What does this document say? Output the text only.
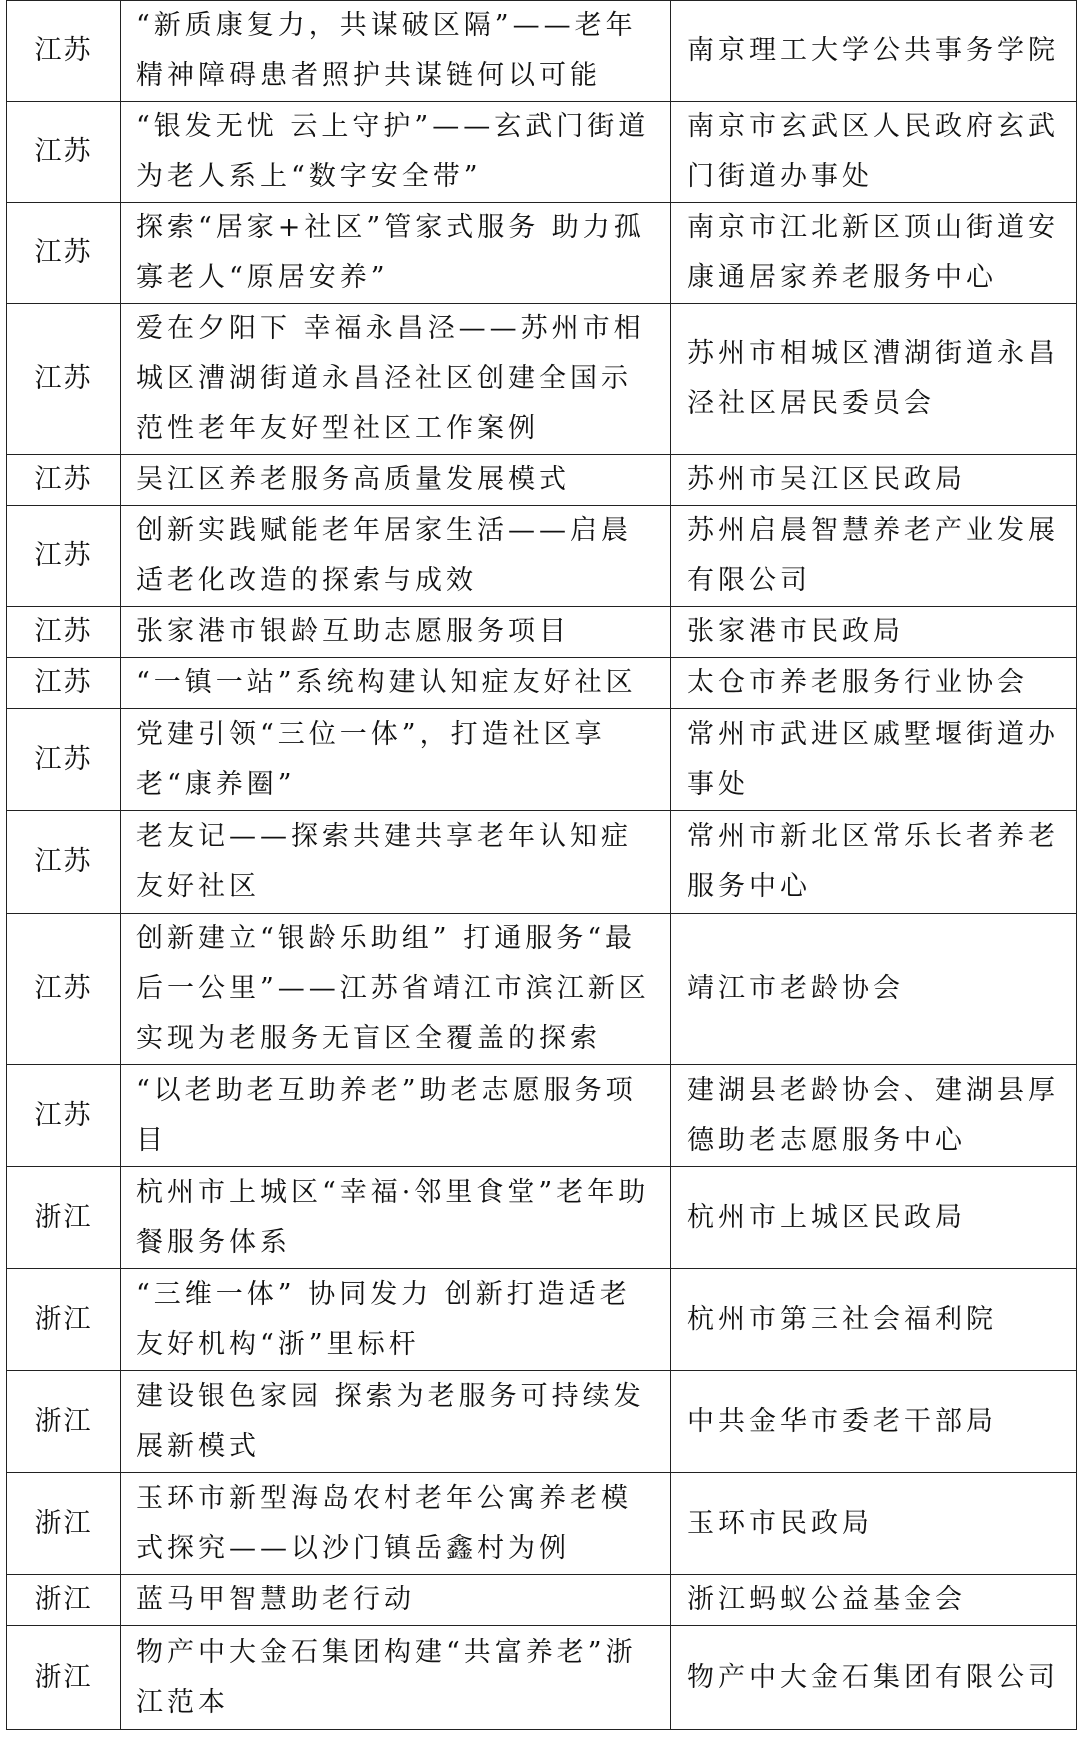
江苏	“新质康复力，共谋破区隔”——老年精神障碍患者照护共谋链何以可能	南京理工大学公共事务学院
江苏	“银发无忧 云上守护”——玄武门街道为老人系上“数字安全带”	南京市玄武区人民政府玄武门街道办事处
江苏	探索“居家+社区”管家式服务 助力孤寡老人“原居安养”	南京市江北新区顶山街道安康通居家养老服务中心
江苏	爱在夕阳下 幸福永昌泾——苏州市相城区漕湖街道永昌泾社区创建全国示范性老年友好型社区工作案例	苏州市相城区漕湖街道永昌泾社区居民委员会
江苏	吴江区养老服务高质量发展模式	苏州市吴江区民政局
江苏	创新实践赋能老年居家生活——启晨适老化改造的探索与成效	苏州启晨智慧养老产业发展有限公司
江苏	张家港市银龄互助志愿服务项目	张家港市民政局
江苏	“一镇一站”系统构建认知症友好社区	太仓市养老服务行业协会
江苏	党建引领“三位一体”，打造社区享老“康养圈”	常州市武进区戚墅堰街道办事处
江苏	老友记——探索共建共享老年认知症友好社区	常州市新北区常乐长者养老服务中心
江苏	创新建立“银龄乐助组” 打通服务“最后一公里”——江苏省靖江市滨江新区实现为老服务无盲区全覆盖的探索	靖江市老龄协会
江苏	“以老助老互助养老”助老志愿服务项目	建湖县老龄协会、建湖县厚德助老志愿服务中心
浙江	杭州市上城区“幸福·邻里食堂”老年助餐服务体系	杭州市上城区民政局
浙江	“三维一体” 协同发力 创新打造适老友好机构“浙”里标杆	杭州市第三社会福利院
浙江	建设银色家园 探索为老服务可持续发展新模式	中共金华市委老干部局
浙江	玉环市新型海岛农村老年公寓养老模式探究——以沙门镇岳鑫村为例	玉环市民政局
浙江	蓝马甲智慧助老行动	浙江蚂蚁公益基金会
浙江	物产中大金石集团构建“共富养老”浙江范本	物产中大金石集团有限公司
